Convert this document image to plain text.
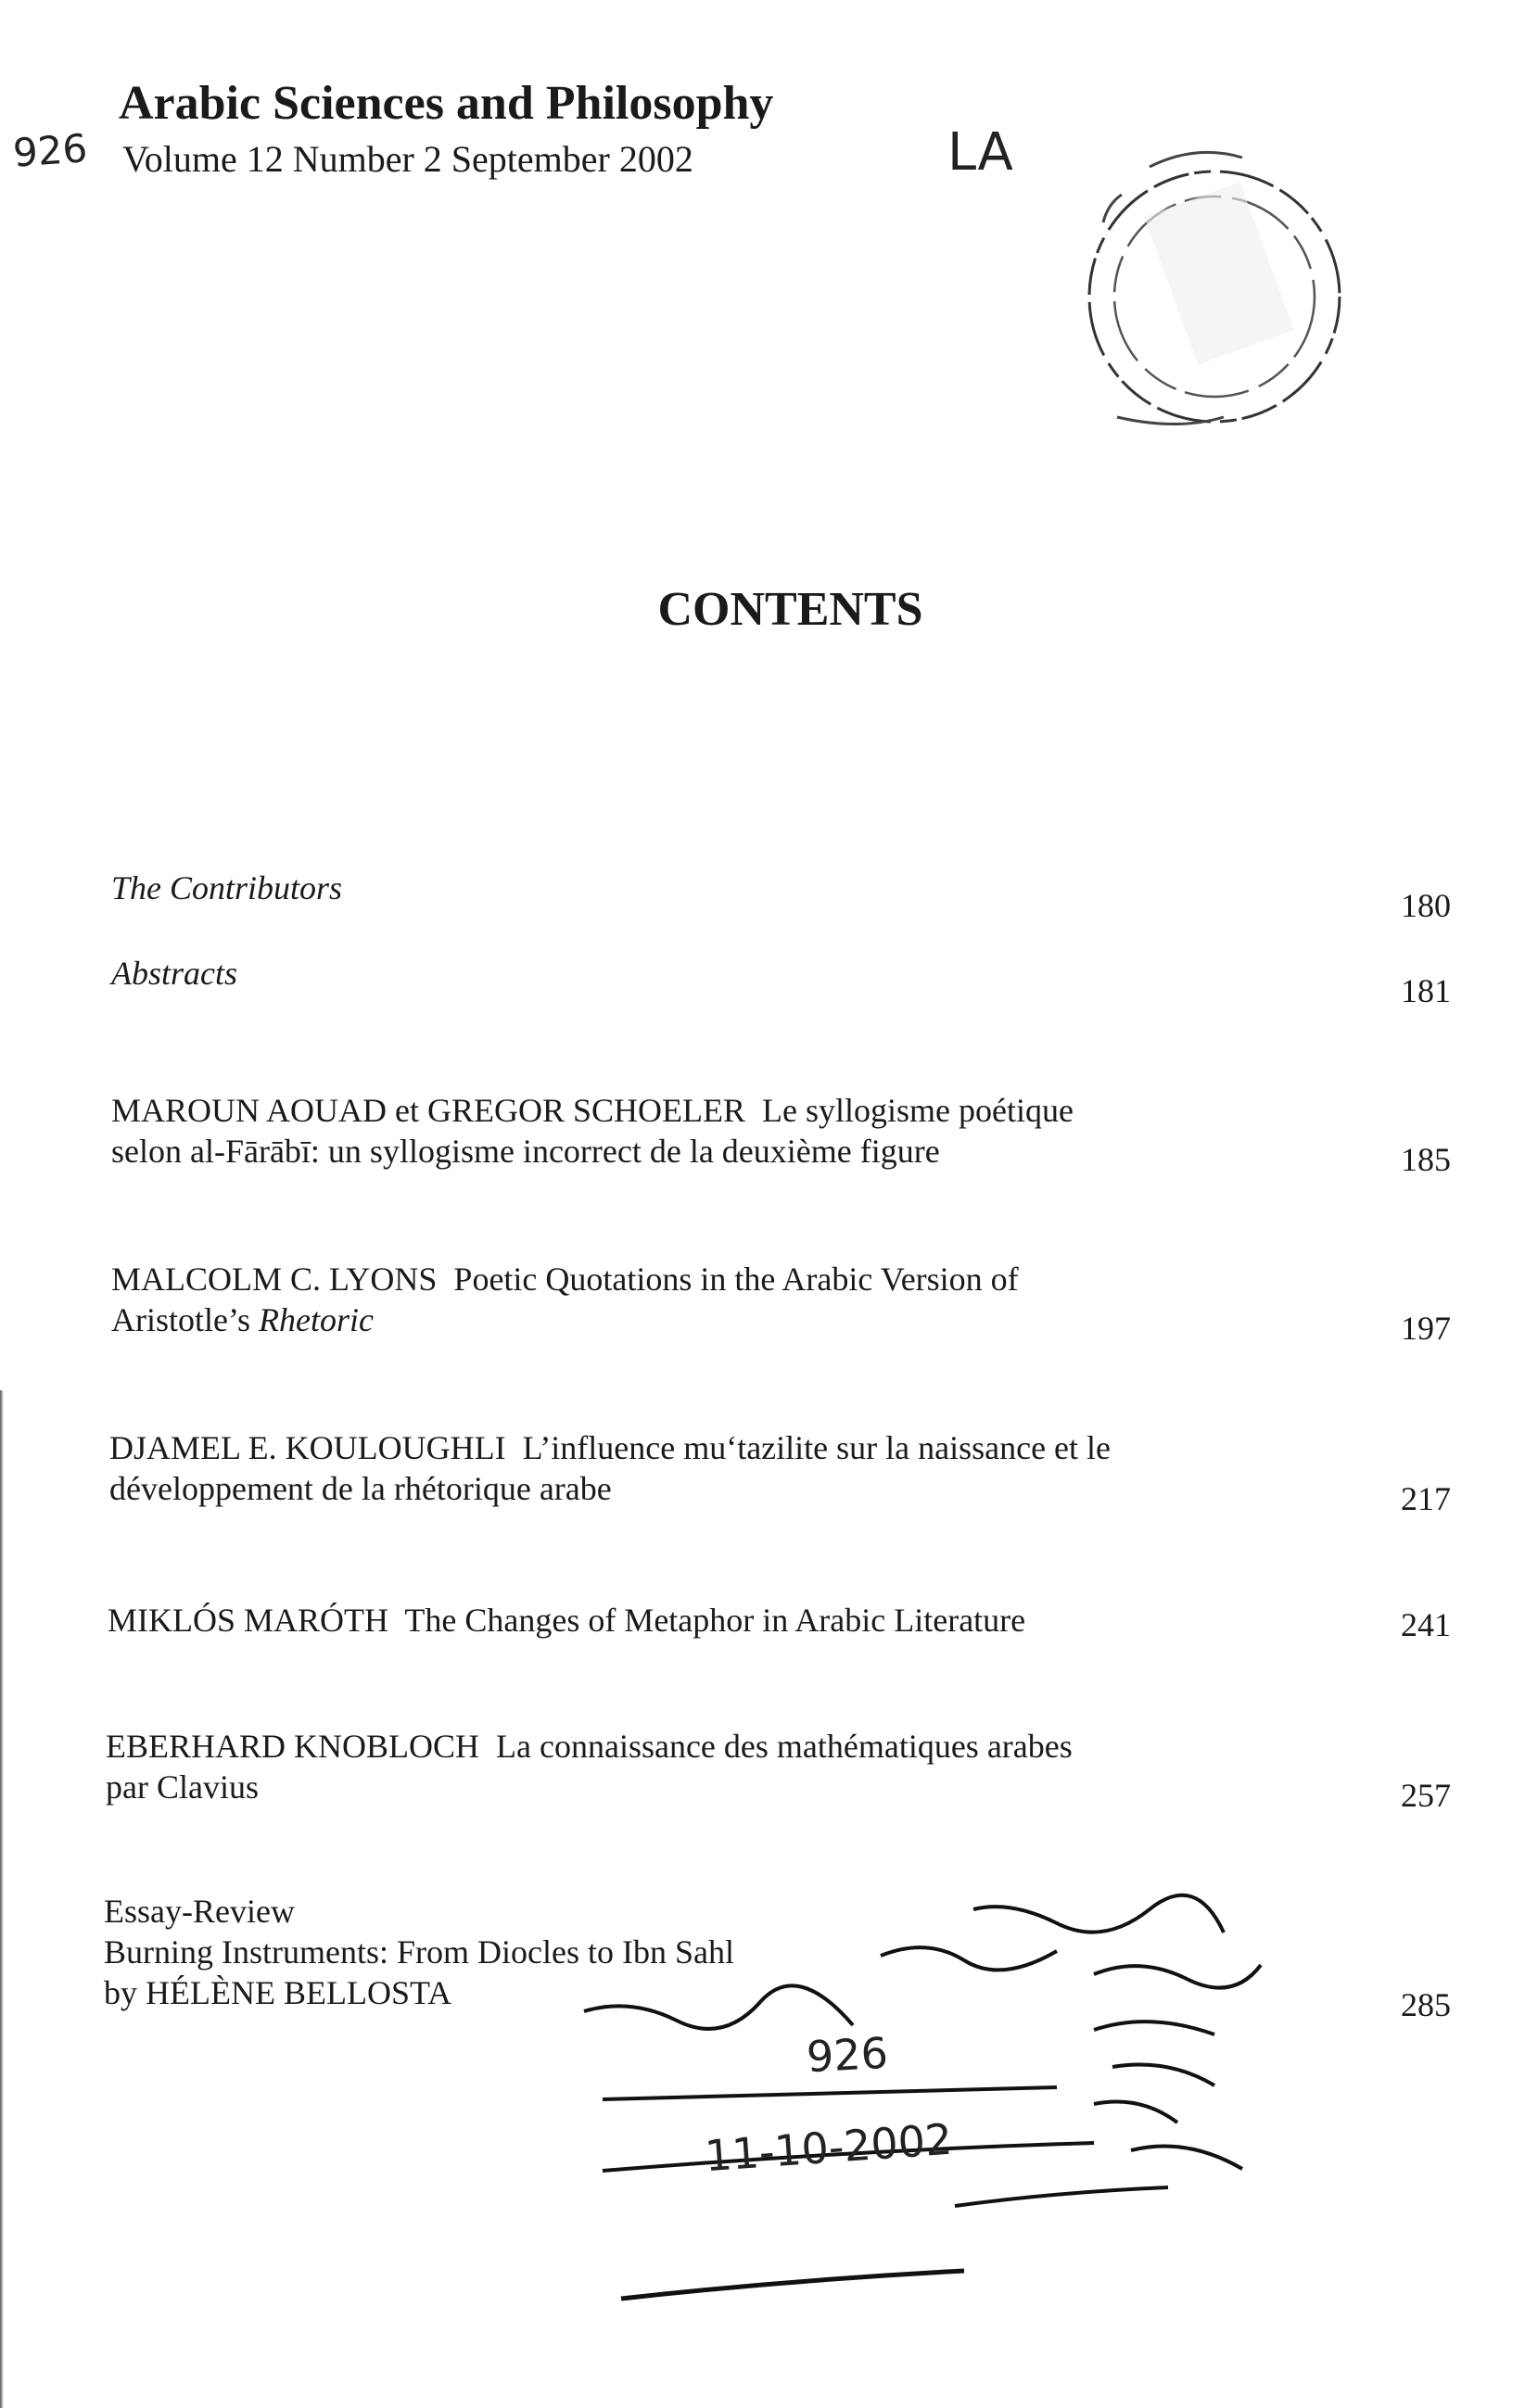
Arabic Sciences and Philosophy
Volume 12 Number 2 September 2002
926	LA
CONTENTS
The Contributors	180
Abstracts	181
MAROUN AOUAD et GREGOR SCHOELER Le syllogisme poétique
selon al-Fārābī: un syllogisme incorrect de la deuxième figure	185
MALCOLM C. LYONS Poetic Quotations in the Arabic Version of
Aristotle’s Rhetoric	197
DJAMEL E. KOULOUGHLI L’influence mu‘tazilite sur la naissance et le
développement de la rhétorique arabe	217
MIKLÓS MARÓTH The Changes of Metaphor in Arabic Literature	241
EBERHARD KNOBLOCH La connaissance des mathématiques arabes
par Clavius	257
Essay-Review
Burning Instruments: From Diocles to Ibn Sahl
by HÉLÈNE BELLOSTA	285
926
11-10-2002
